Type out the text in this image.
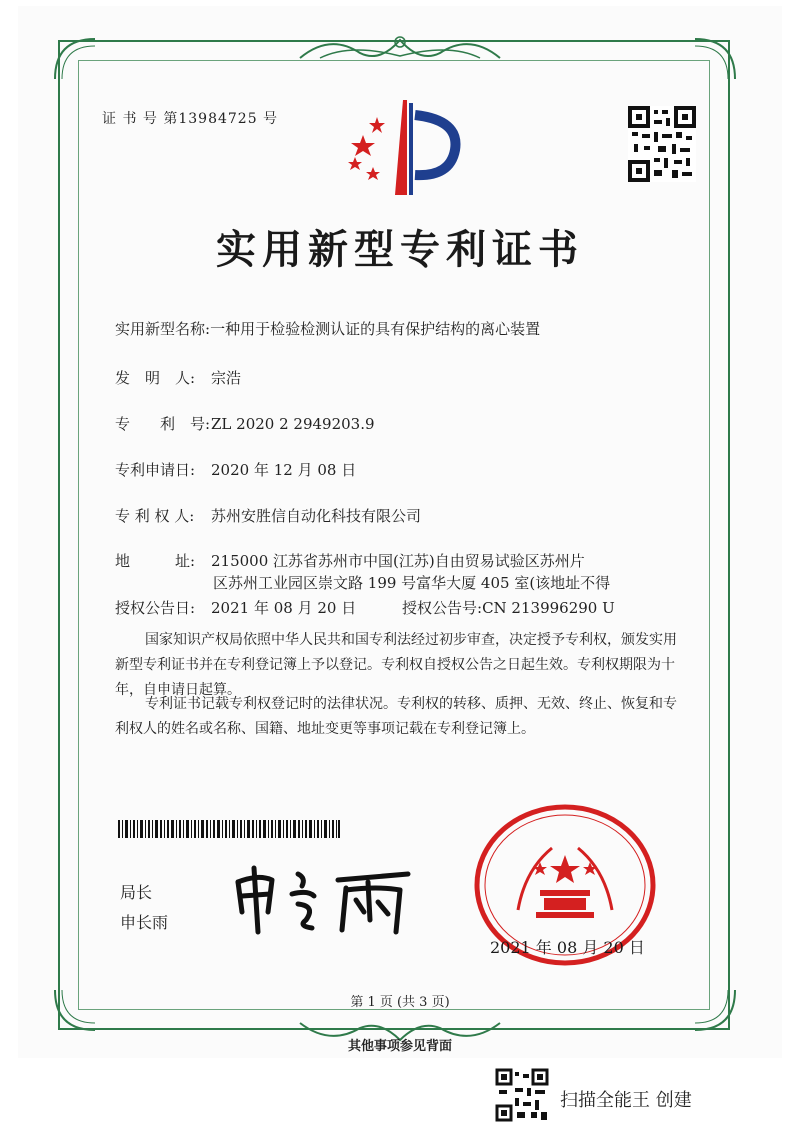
证 书 号 第13984725 号
实用新型专利证书
实用新型名称:一种用于检验检测认证的具有保护结构的离心装置
发　明　人: 宗浩
专　　利　号:ZL 2020 2 2949203.9
专利申请日: 2020 年 12 月 08 日
专 利 权 人: 苏州安胜信自动化科技有限公司
地　　　址: 215000 江苏省苏州市中国(江苏)自由贸易试验区苏州片
区苏州工业园区崇文路 199 号富华大厦 405 室(该地址不得
授权公告日: 2021 年 08 月 20 日	授权公告号:CN 213996290 U
国家知识产权局依照中华人民共和国专利法经过初步审查，决定授予专利权，颁发实用新型专利证书并在专利登记簿上予以登记。专利权自授权公告之日起生效。专利权期限为十年，自申请日起算。
专利证书记载专利权登记时的法律状况。专利权的转移、质押、无效、终止、恢复和专利权人的姓名或名称、国籍、地址变更等事项记载在专利登记簿上。
局长
申长雨
2021 年 08 月 20 日
第 1 页 (共 3 页)
其他事项参见背面
扫描全能王 创建
